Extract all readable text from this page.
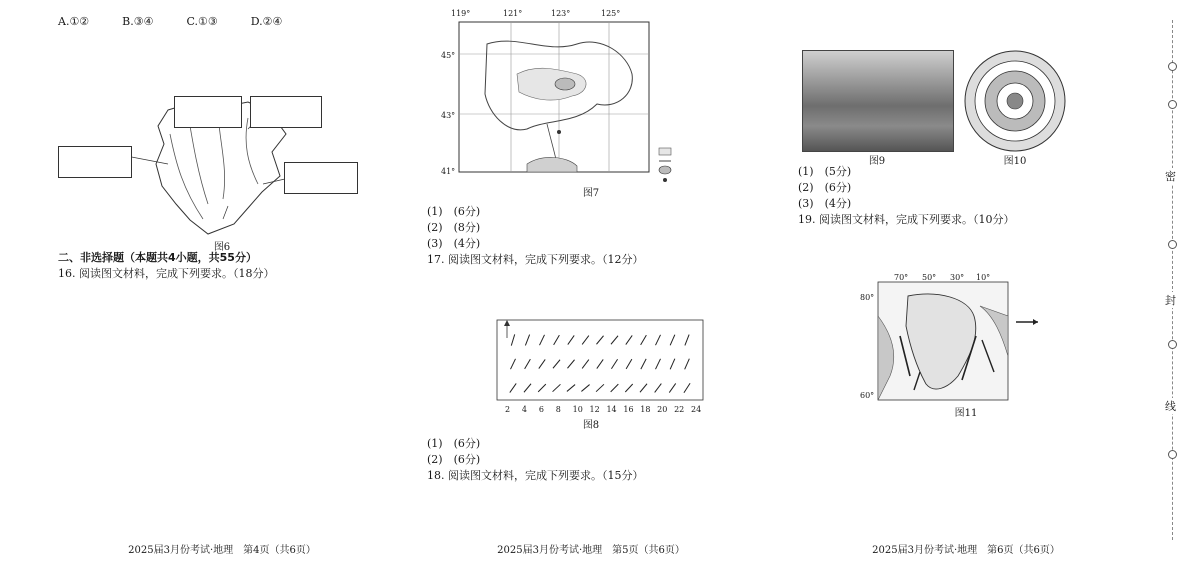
A.①②　　　B.③④　　　C.①③　　　D.②④

图6

二、非选择题（本题共4小题，共55分）

16. 阅读图文材料，完成下列要求。（18分）

119°	121°	123°	125°
45°
43°
41°
图7

(1)　(6分)

(2)　(8分)

(3)　(4分)

17. 阅读图文材料，完成下列要求。（12分）

2 4 6 8 10 12 14 16 18 20 22 24
图8

(1)　(6分)

(2)　(6分)

18. 阅读图文材料，完成下列要求。（15分）

图9	图10

(1)　(5分)

(2)　(6分)

(3)　(4分)

19. 阅读图文材料，完成下列要求。（10分）

70° 50° 30° 10°
80°
60°
图11

2025届3月份考试·地理　第4页（共6页）	2025届3月份考试·地理　第5页（共6页）	2025届3月份考试·地理　第6页（共6页）
密
封
线
